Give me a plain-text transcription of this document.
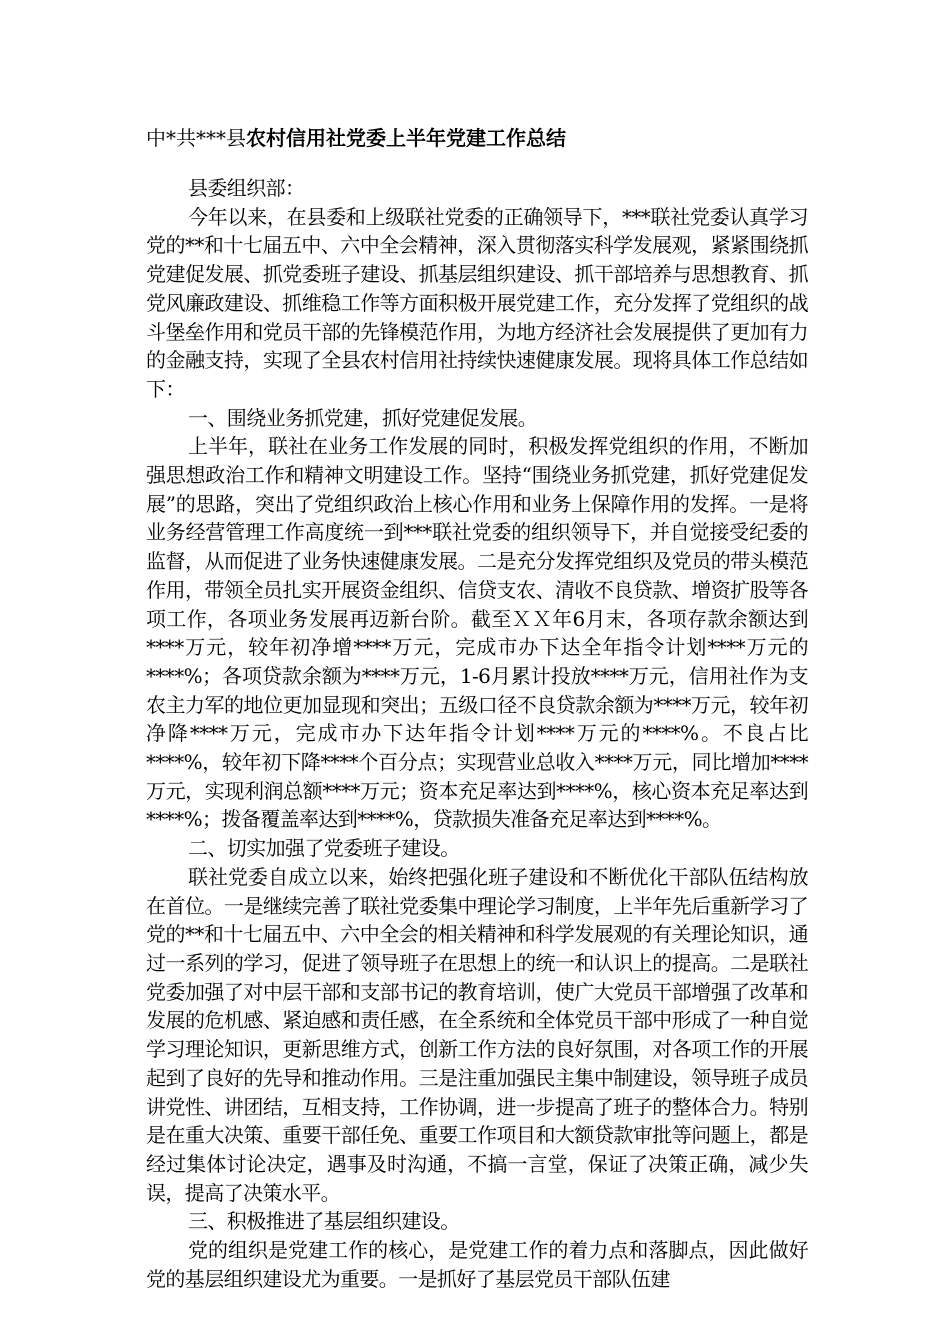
中*共***县农村信用社党委上半年党建工作总结

县委组织部：

今年以来，在县委和上级联社党委的正确领导下，***联社党委认真学习党的**和十七届五中、六中全会精神，深入贯彻落实科学发展观，紧紧围绕抓党建促发展、抓党委班子建设、抓基层组织建设、抓干部培养与思想教育、抓党风廉政建设、抓维稳工作等方面积极开展党建工作，充分发挥了党组织的战斗堡垒作用和党员干部的先锋模范作用，为地方经济社会发展提供了更加有力的金融支持，实现了全县农村信用社持续快速健康发展。现将具体工作总结如下：

一、围绕业务抓党建，抓好党建促发展。

上半年，联社在业务工作发展的同时，积极发挥党组织的作用，不断加强思想政治工作和精神文明建设工作。坚持“围绕业务抓党建，抓好党建促发展”的思路，突出了党组织政治上核心作用和业务上保障作用的发挥。一是将业务经营管理工作高度统一到***联社党委的组织领导下，并自觉接受纪委的监督，从而促进了业务快速健康发展。二是充分发挥党组织及党员的带头模范作用，带领全员扎实开展资金组织、信贷支农、清收不良贷款、增资扩股等各项工作，各项业务发展再迈新台阶。截至ＸＸ年6月末，各项存款余额达到****万元，较年初净增****万元，完成市办下达全年指令计划****万元的****%；各项贷款余额为****万元，1-6月累计投放****万元，信用社作为支农主力军的地位更加显现和突出；五级口径不良贷款余额为****万元，较年初净降****万元，完成市办下达年指令计划****万元的****%。不良占比****%，较年初下降****个百分点；实现营业总收入****万元，同比增加****万元，实现利润总额****万元；资本充足率达到****%，核心资本充足率达到****%；拨备覆盖率达到****%，贷款损失准备充足率达到****%。

二、切实加强了党委班子建设。

联社党委自成立以来，始终把强化班子建设和不断优化干部队伍结构放在首位。一是继续完善了联社党委集中理论学习制度，上半年先后重新学习了党的**和十七届五中、六中全会的相关精神和科学发展观的有关理论知识，通过一系列的学习，促进了领导班子在思想上的统一和认识上的提高。二是联社党委加强了对中层干部和支部书记的教育培训，使广大党员干部增强了改革和发展的危机感、紧迫感和责任感，在全系统和全体党员干部中形成了一种自觉学习理论知识，更新思维方式，创新工作方法的良好氛围，对各项工作的开展起到了良好的先导和推动作用。三是注重加强民主集中制建设，领导班子成员讲党性、讲团结，互相支持，工作协调，进一步提高了班子的整体合力。特别是在重大决策、重要干部任免、重要工作项目和大额贷款审批等问题上，都是经过集体讨论决定，遇事及时沟通，不搞一言堂，保证了决策正确，减少失误，提高了决策水平。

三、积极推进了基层组织建设。

党的组织是党建工作的核心，是党建工作的着力点和落脚点，因此做好党的基层组织建设尤为重要。一是抓好了基层党员干部队伍建
